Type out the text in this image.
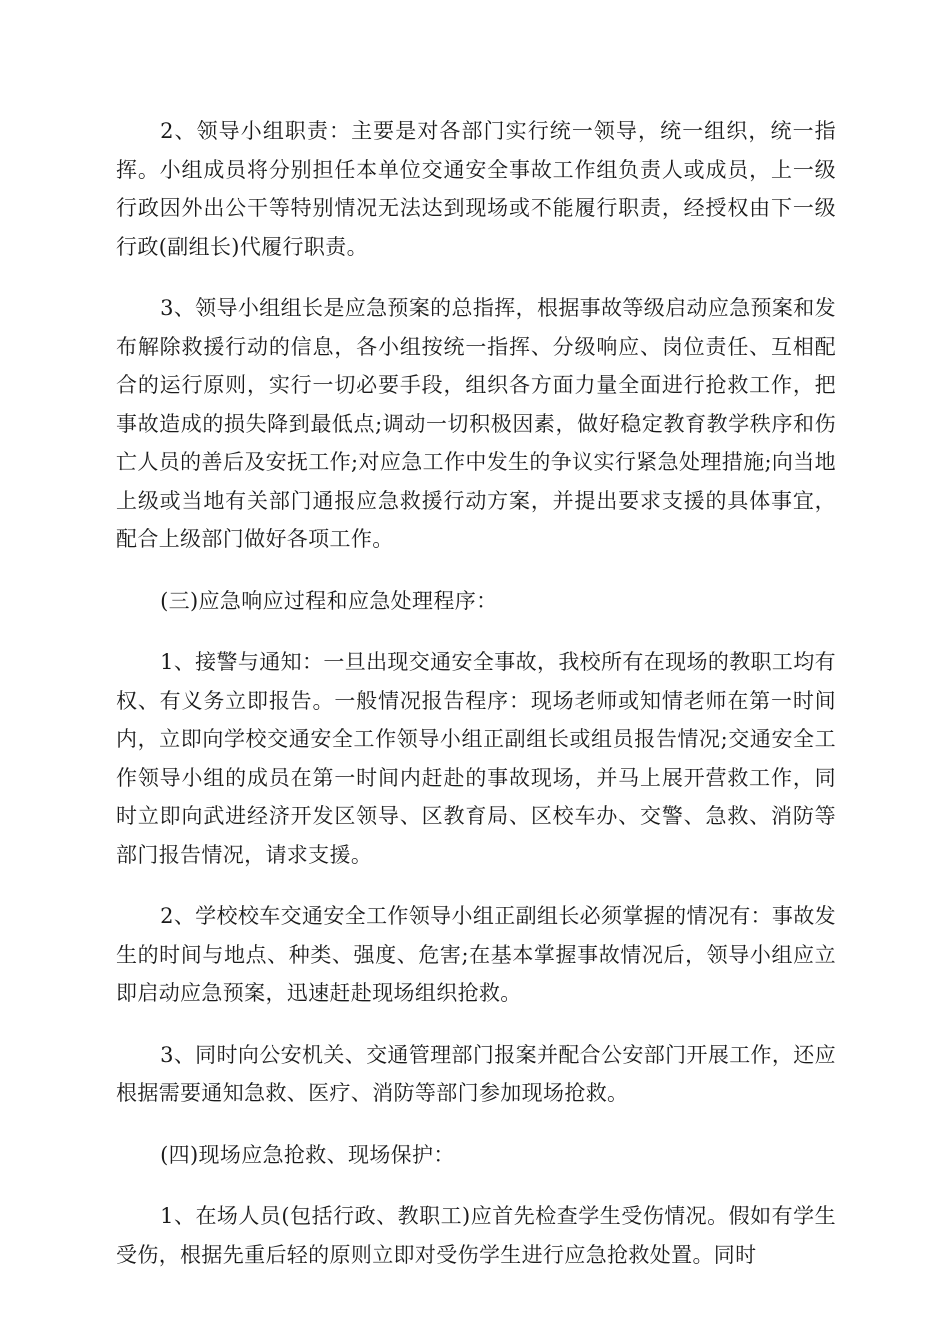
2、领导小组职责：主要是对各部门实行统一领导，统一组织，统一指挥。小组成员将分别担任本单位交通安全事故工作组负责人或成员，上一级行政因外出公干等特别情况无法达到现场或不能履行职责，经授权由下一级行政(副组长)代履行职责。

3、领导小组组长是应急预案的总指挥，根据事故等级启动应急预案和发布解除救援行动的信息，各小组按统一指挥、分级响应、岗位责任、互相配合的运行原则，实行一切必要手段，组织各方面力量全面进行抢救工作，把事故造成的损失降到最低点;调动一切积极因素，做好稳定教育教学秩序和伤亡人员的善后及安抚工作;对应急工作中发生的争议实行紧急处理措施;向当地上级或当地有关部门通报应急救援行动方案，并提出要求支援的具体事宜，配合上级部门做好各项工作。

(三)应急响应过程和应急处理程序：

1、接警与通知：一旦出现交通安全事故，我校所有在现场的教职工均有权、有义务立即报告。一般情况报告程序：现场老师或知情老师在第一时间内，立即向学校交通安全工作领导小组正副组长或组员报告情况;交通安全工作领导小组的成员在第一时间内赶赴的事故现场，并马上展开营救工作，同时立即向武进经济开发区领导、区教育局、区校车办、交警、急救、消防等部门报告情况，请求支援。

2、学校校车交通安全工作领导小组正副组长必须掌握的情况有：事故发生的时间与地点、种类、强度、危害;在基本掌握事故情况后，领导小组应立即启动应急预案，迅速赶赴现场组织抢救。

3、同时向公安机关、交通管理部门报案并配合公安部门开展工作，还应根据需要通知急救、医疗、消防等部门参加现场抢救。

(四)现场应急抢救、现场保护：

1、在场人员(包括行政、教职工)应首先检查学生受伤情况。假如有学生受伤，根据先重后轻的原则立即对受伤学生进行应急抢救处置。同时
